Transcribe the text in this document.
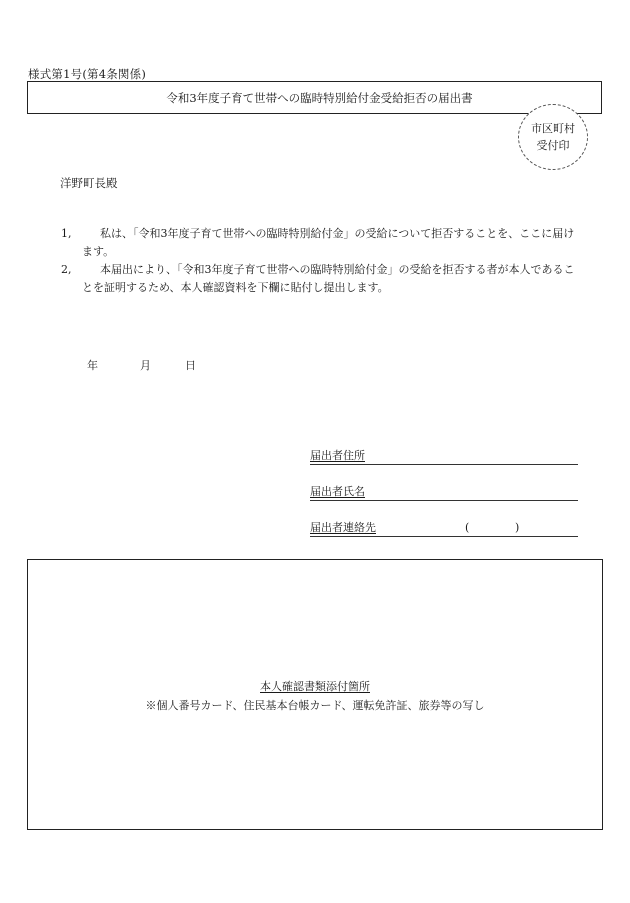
様式第1号(第4条関係)
令和3年度子育て世帯への臨時特別給付金受給拒否の届出書
市区町村
受付印
洋野町長殿

1,	私は、「令和3年度子育て世帯への臨時特別給付金」の受給について拒否することを、ここに届けます。

2,	本届出により、「令和3年度子育て世帯への臨時特別給付金」の受給を拒否する者が本人であることを証明するため、本人確認資料を下欄に貼付し提出します。

年	月	日
届出者住所
届出者氏名
届出者連絡先	(	)
本人確認書類添付箇所
※個人番号カード、住民基本台帳カード、運転免許証、旅券等の写し
